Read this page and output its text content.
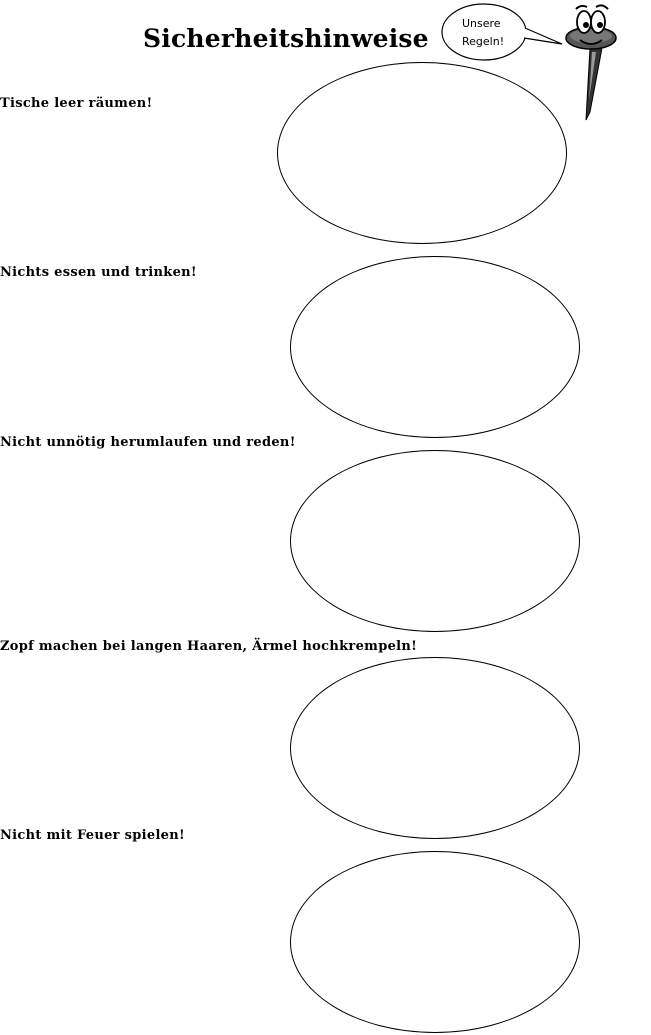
Sicherheitshinweise
Unsere
Regeln!
Tische leer räumen!
Nichts essen und trinken!
Nicht unnötig herumlaufen und reden!
Zopf machen bei langen Haaren, Ärmel hochkrempeln!
Nicht mit Feuer spielen!
